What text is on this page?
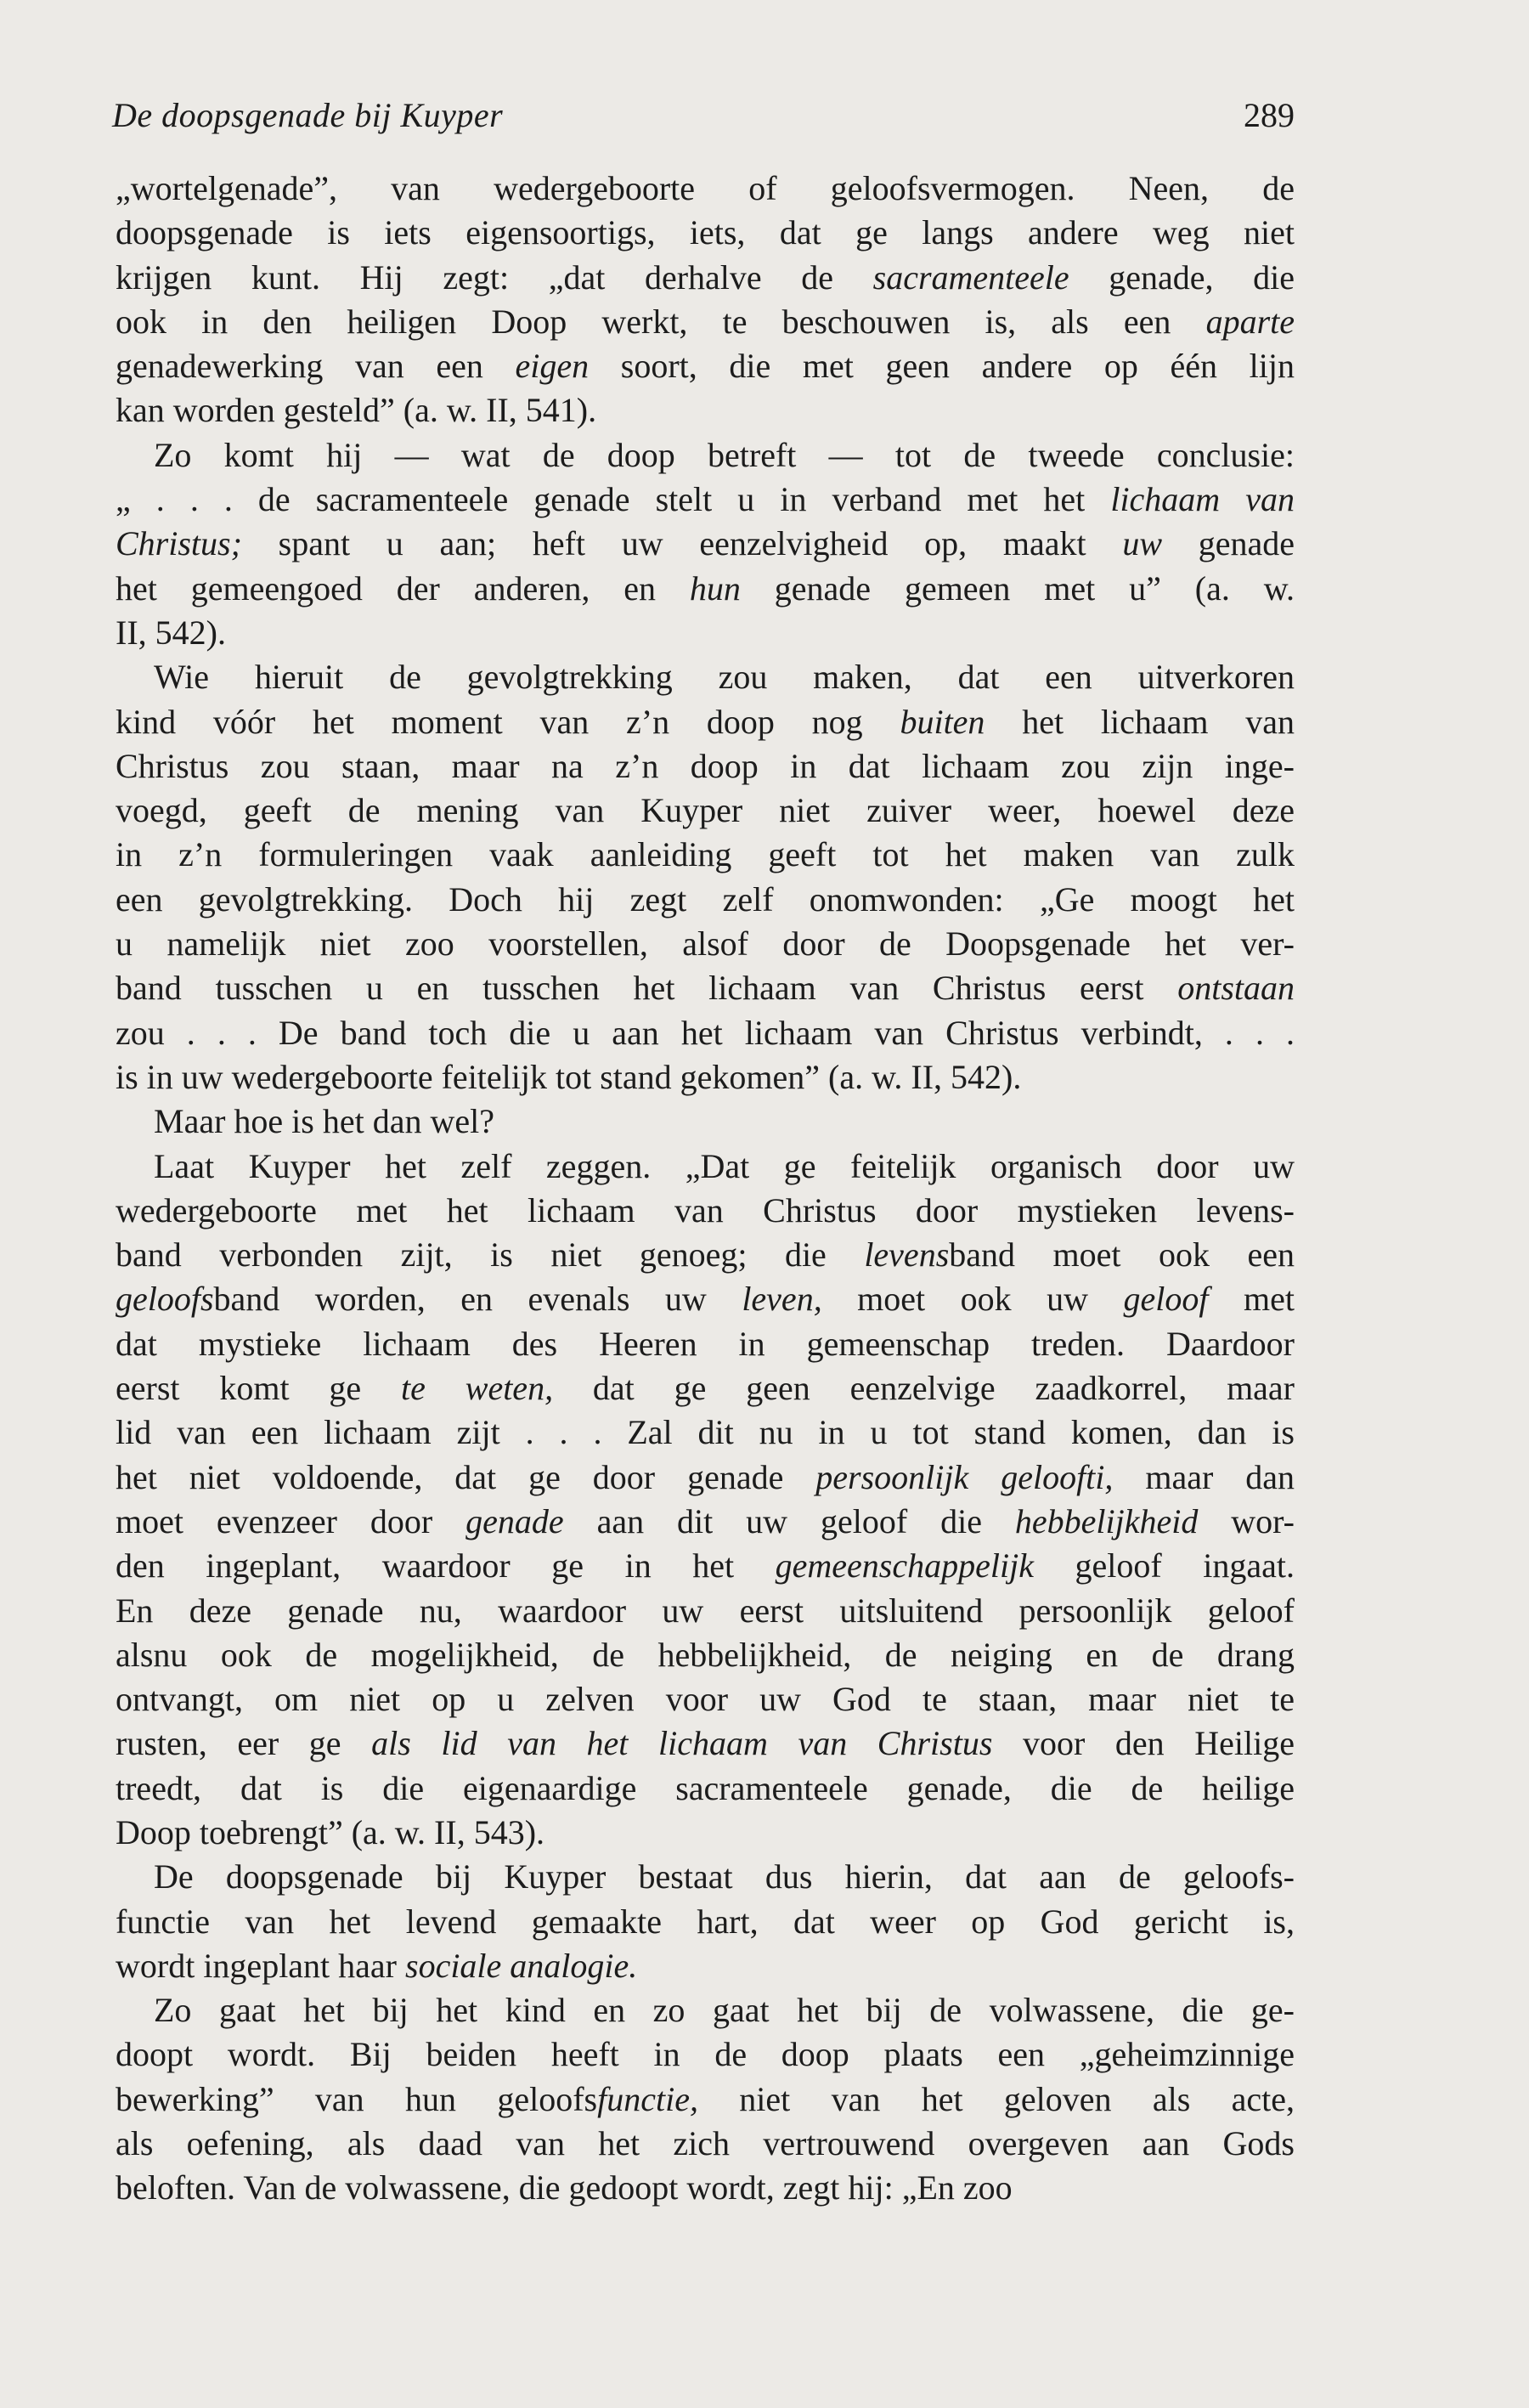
De doopsgenade bij Kuyper	289
„wortelgenade”, van wedergeboorte of geloofsvermogen. Neen, de
doopsgenade is iets eigensoortigs, iets, dat ge langs andere weg niet
krijgen kunt. Hij zegt: „dat derhalve de sacramenteele genade, die
ook in den heiligen Doop werkt, te beschouwen is, als een aparte
genadewerking van een eigen soort, die met geen andere op één lijn
kan worden gesteld” (a. w. II, 541).
Zo komt hij — wat de doop betreft — tot de tweede conclusie:
„ . . . de sacramenteele genade stelt u in verband met het lichaam van
Christus; spant u aan; heft uw eenzelvigheid op, maakt uw genade
het gemeengoed der anderen, en hun genade gemeen met u” (a. w.
II, 542).
Wie hieruit de gevolgtrekking zou maken, dat een uitverkoren
kind vóór het moment van z’n doop nog buiten het lichaam van
Christus zou staan, maar na z’n doop in dat lichaam zou zijn inge-
voegd, geeft de mening van Kuyper niet zuiver weer, hoewel deze
in z’n formuleringen vaak aanleiding geeft tot het maken van zulk
een gevolgtrekking. Doch hij zegt zelf onomwonden: „Ge moogt het
u namelijk niet zoo voorstellen, alsof door de Doopsgenade het ver-
band tusschen u en tusschen het lichaam van Christus eerst ontstaan
zou . . . De band toch die u aan het lichaam van Christus verbindt, . . .
is in uw wedergeboorte feitelijk tot stand gekomen” (a. w. II, 542).
Maar hoe is het dan wel?
Laat Kuyper het zelf zeggen. „Dat ge feitelijk organisch door uw
wedergeboorte met het lichaam van Christus door mystieken levens-
band verbonden zijt, is niet genoeg; die levensband moet ook een
geloofsband worden, en evenals uw leven, moet ook uw geloof met
dat mystieke lichaam des Heeren in gemeenschap treden. Daardoor
eerst komt ge te weten, dat ge geen eenzelvige zaadkorrel, maar
lid van een lichaam zijt . . . Zal dit nu in u tot stand komen, dan is
het niet voldoende, dat ge door genade persoonlijk geloofti, maar dan
moet evenzeer door genade aan dit uw geloof die hebbelijkheid wor-
den ingeplant, waardoor ge in het gemeenschappelijk geloof ingaat.
En deze genade nu, waardoor uw eerst uitsluitend persoonlijk geloof
alsnu ook de mogelijkheid, de hebbelijkheid, de neiging en de drang
ontvangt, om niet op u zelven voor uw God te staan, maar niet te
rusten, eer ge als lid van het lichaam van Christus voor den Heilige
treedt, dat is die eigenaardige sacramenteele genade, die de heilige
Doop toebrengt” (a. w. II, 543).
De doopsgenade bij Kuyper bestaat dus hierin, dat aan de geloofs-
functie van het levend gemaakte hart, dat weer op God gericht is,
wordt ingeplant haar sociale analogie.
Zo gaat het bij het kind en zo gaat het bij de volwassene, die ge-
doopt wordt. Bij beiden heeft in de doop plaats een „geheimzinnige
bewerking” van hun geloofsfunctie, niet van het geloven als acte,
als oefening, als daad van het zich vertrouwend overgeven aan Gods
beloften. Van de volwassene, die gedoopt wordt, zegt hij: „En zoo
